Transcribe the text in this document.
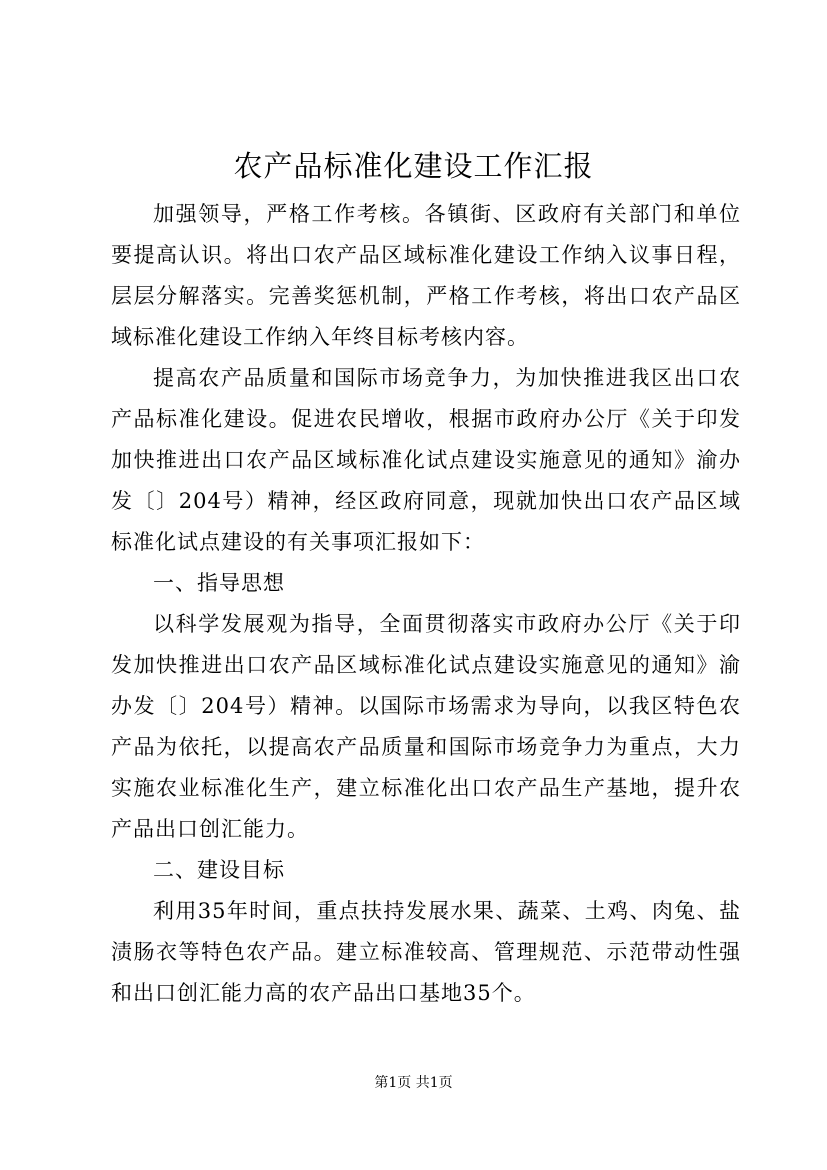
农产品标准化建设工作汇报

加强领导，严格工作考核。各镇街、区政府有关部门和单位要提高认识。将出口农产品区域标准化建设工作纳入议事日程，层层分解落实。完善奖惩机制，严格工作考核，将出口农产品区域标准化建设工作纳入年终目标考核内容。

提高农产品质量和国际市场竞争力，为加快推进我区出口农产品标准化建设。促进农民增收，根据市政府办公厅《关于印发加快推进出口农产品区域标准化试点建设实施意见的通知》渝办发〔〕204号）精神，经区政府同意，现就加快出口农产品区域标准化试点建设的有关事项汇报如下：

一、指导思想

以科学发展观为指导，全面贯彻落实市政府办公厅《关于印发加快推进出口农产品区域标准化试点建设实施意见的通知》渝办发〔〕204号）精神。以国际市场需求为导向，以我区特色农产品为依托，以提高农产品质量和国际市场竞争力为重点，大力实施农业标准化生产，建立标准化出口农产品生产基地，提升农产品出口创汇能力。

二、建设目标

利用35年时间，重点扶持发展水果、蔬菜、土鸡、肉兔、盐渍肠衣等特色农产品。建立标准较高、管理规范、示范带动性强和出口创汇能力高的农产品出口基地35个。

第1页 共1页
